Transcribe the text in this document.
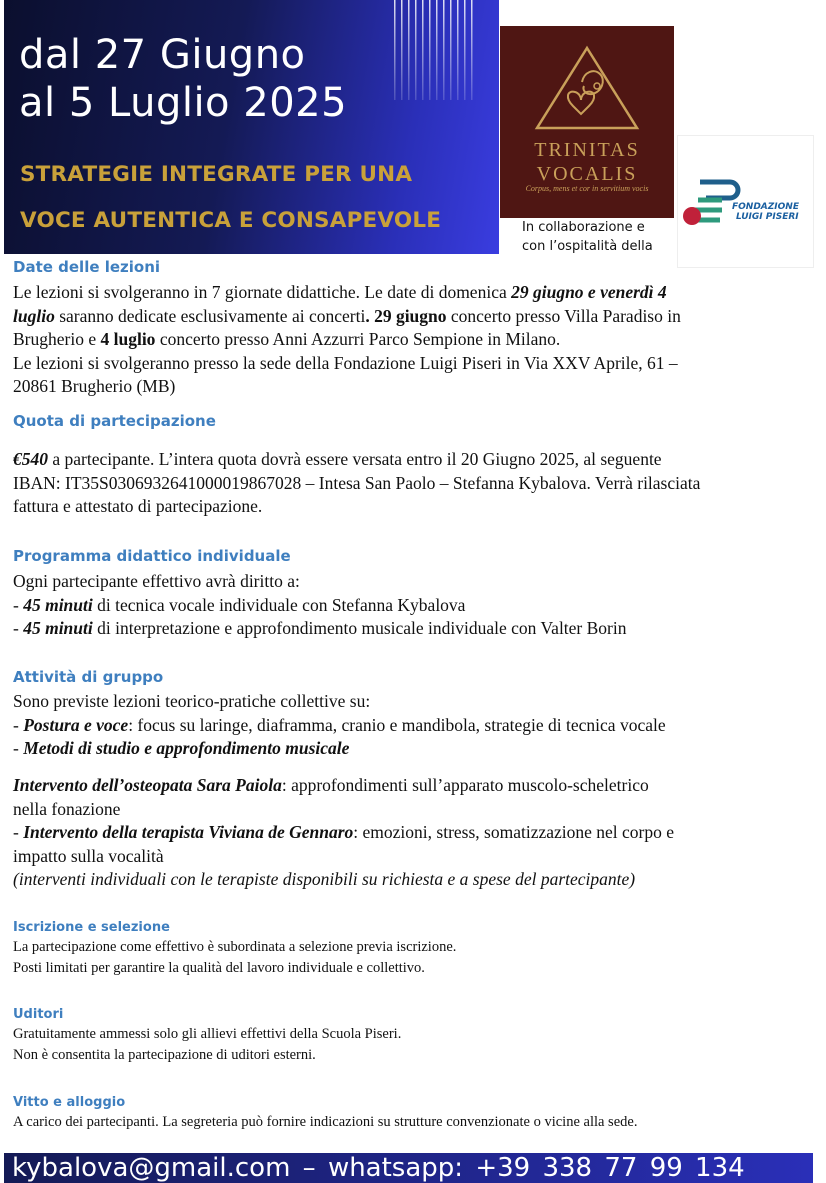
dal 27 Giugno
al 5 Luglio 2025
STRATEGIE INTEGRATE PER UNA
VOCE AUTENTICA E CONSAPEVOLE
TRINITAS
VOCALIS
Corpus, mens et cor in servitium vocis
In collaborazione e
con l’ospitalità della
FONDAZIONE
LUIGI PISERI
Date delle lezioni
Le lezioni si svolgeranno in 7 giornate didattiche. Le date di domenica 29 giugno e venerdì 4
luglio saranno dedicate esclusivamente ai concerti. 29 giugno concerto presso Villa Paradiso in
Brugherio e 4 luglio concerto presso Anni Azzurri Parco Sempione in Milano.
Le lezioni si svolgeranno presso la sede della Fondazione Luigi Piseri in Via XXV Aprile, 61 –
20861 Brugherio (MB)
Quota di partecipazione
€540 a partecipante. L’intera quota dovrà essere versata entro il 20 Giugno 2025, al seguente
IBAN: IT35S0306932641000019867028 – Intesa San Paolo – Stefanna Kybalova. Verrà rilasciata
fattura e attestato di partecipazione.
Programma didattico individuale
Ogni partecipante effettivo avrà diritto a:
- 45 minuti di tecnica vocale individuale con Stefanna Kybalova
- 45 minuti di interpretazione e approfondimento musicale individuale con Valter Borin
Attività di gruppo
Sono previste lezioni teorico-pratiche collettive su:
- Postura e voce: focus su laringe, diaframma, cranio e mandibola, strategie di tecnica vocale
- Metodi di studio e approfondimento musicale
Intervento dell’osteopata Sara Paiola: approfondimenti sull’apparato muscolo-scheletrico
nella fonazione
- Intervento della terapista Viviana de Gennaro: emozioni, stress, somatizzazione nel corpo e
impatto sulla vocalità
(interventi individuali con le terapiste disponibili su richiesta e a spese del partecipante)
Iscrizione e selezione
La partecipazione come effettivo è subordinata a selezione previa iscrizione.
Posti limitati per garantire la qualità del lavoro individuale e collettivo.
Uditori
Gratuitamente ammessi solo gli allievi effettivi della Scuola Piseri.
Non è consentita la partecipazione di uditori esterni.
Vitto e alloggio
A carico dei partecipanti. La segreteria può fornire indicazioni su strutture convenzionate o vicine alla sede.
kybalova@gmail.com – whatsapp: +39 338 77 99 134
